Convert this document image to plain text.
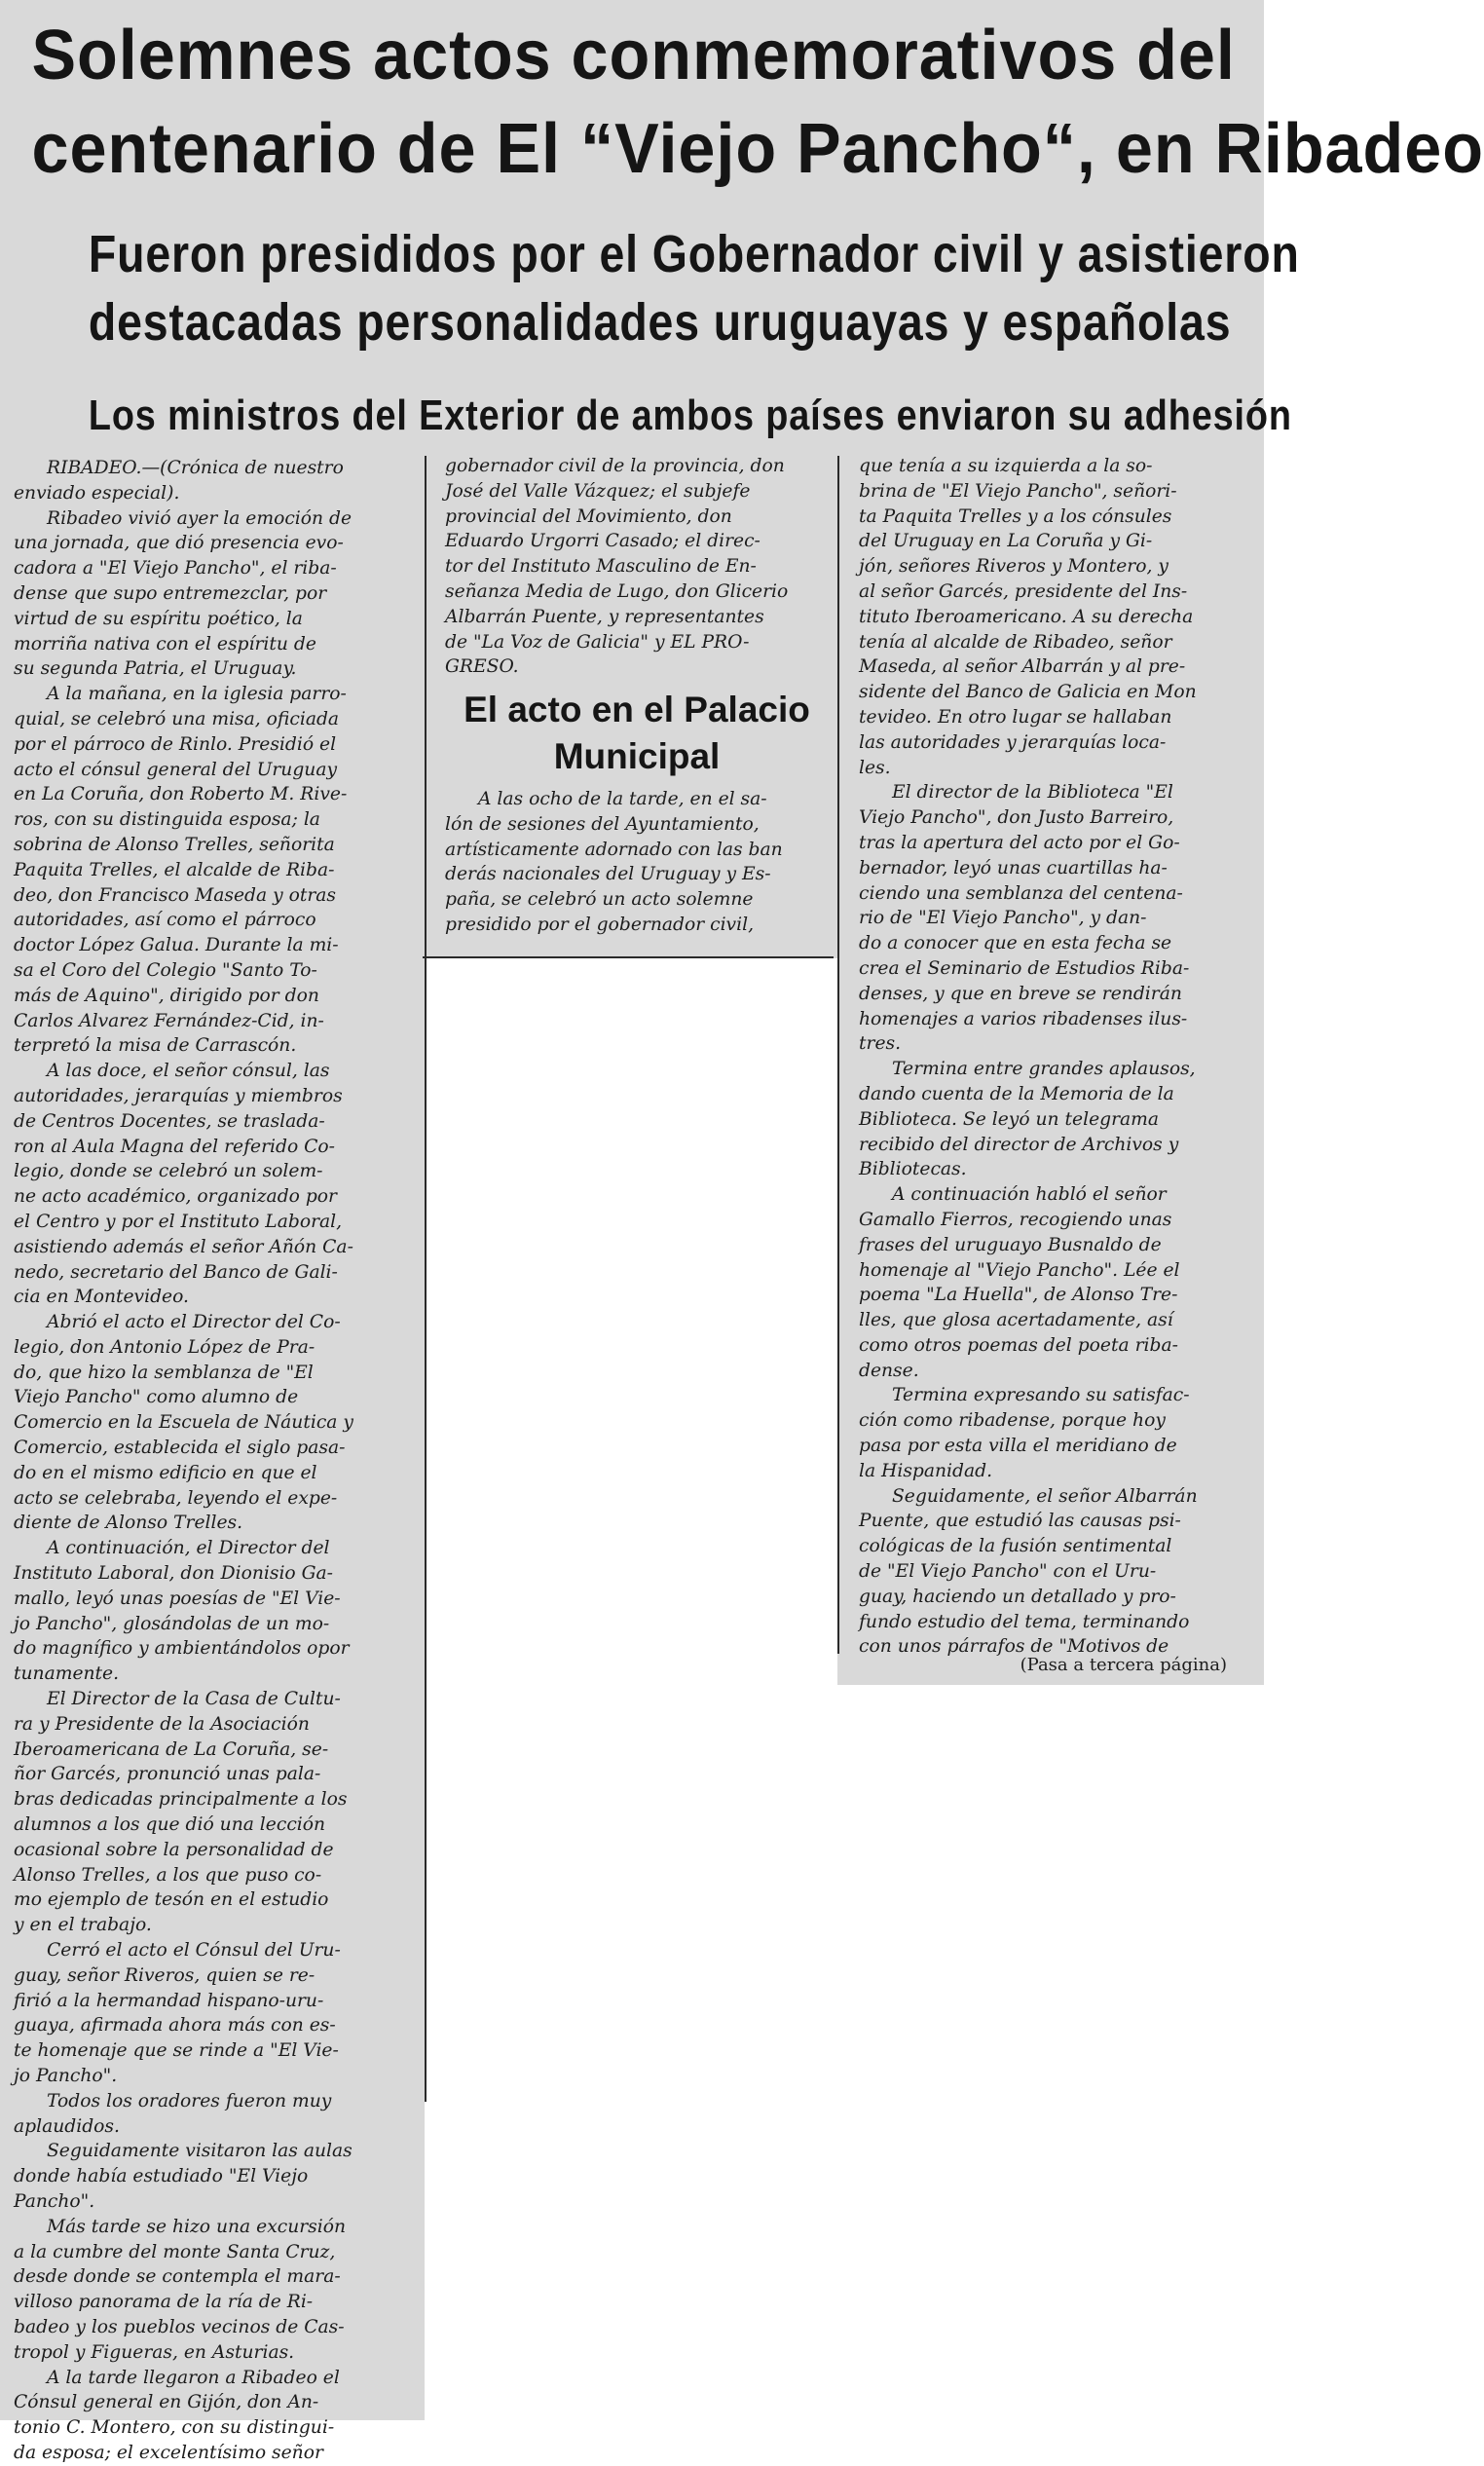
Solemnes actos conmemorativos del
centenario de El “Viejo Pancho“, en Ribadeo
Fueron presididos por el Gobernador civil y asistieron
destacadas personalidades uruguayas y españolas
Los ministros del Exterior de ambos países enviaron su adhesión
RIBADEO.—(Crónica de nuestro
enviado especial).
Ribadeo vivió ayer la emoción de
una jornada, que dió presencia evo-
cadora a "El Viejo Pancho", el riba-
dense que supo entremezclar, por
virtud de su espíritu poético, la
morriña nativa con el espíritu de
su segunda Patria, el Uruguay.
A la mañana, en la iglesia parro-
quial, se celebró una misa, oficiada
por el párroco de Rinlo. Presidió el
acto el cónsul general del Uruguay
en La Coruña, don Roberto M. Rive-
ros, con su distinguida esposa; la
sobrina de Alonso Trelles, señorita
Paquita Trelles, el alcalde de Riba-
deo, don Francisco Maseda y otras
autoridades, así como el párroco
doctor López Galua. Durante la mi-
sa el Coro del Colegio "Santo To-
más de Aquino", dirigido por don
Carlos Alvarez Fernández-Cid, in-
terpretó la misa de Carrascón.
A las doce, el señor cónsul, las
autoridades, jerarquías y miembros
de Centros Docentes, se traslada-
ron al Aula Magna del referido Co-
legio, donde se celebró un solem-
ne acto académico, organizado por
el Centro y por el Instituto Laboral,
asistiendo además el señor Añón Ca-
nedo, secretario del Banco de Gali-
cia en Montevideo.
Abrió el acto el Director del Co-
legio, don Antonio López de Pra-
do, que hizo la semblanza de "El
Viejo Pancho" como alumno de
Comercio en la Escuela de Náutica y
Comercio, establecida el siglo pasa-
do en el mismo edificio en que el
acto se celebraba, leyendo el expe-
diente de Alonso Trelles.
A continuación, el Director del
Instituto Laboral, don Dionisio Ga-
mallo, leyó unas poesías de "El Vie-
jo Pancho", glosándolas de un mo-
do magnífico y ambientándolos opor
tunamente.
El Director de la Casa de Cultu-
ra y Presidente de la Asociación
Iberoamericana de La Coruña, se-
ñor Garcés, pronunció unas pala-
bras dedicadas principalmente a los
alumnos a los que dió una lección
ocasional sobre la personalidad de
Alonso Trelles, a los que puso co-
mo ejemplo de tesón en el estudio
y en el trabajo.
Cerró el acto el Cónsul del Uru-
guay, señor Riveros, quien se re-
firió a la hermandad hispano-uru-
guaya, afirmada ahora más con es-
te homenaje que se rinde a "El Vie-
jo Pancho".
Todos los oradores fueron muy
aplaudidos.
Seguidamente visitaron las aulas
donde había estudiado "El Viejo
Pancho".
Más tarde se hizo una excursión
a la cumbre del monte Santa Cruz,
desde donde se contempla el mara-
villoso panorama de la ría de Ri-
badeo y los pueblos vecinos de Cas-
tropol y Figueras, en Asturias.
A la tarde llegaron a Ribadeo el
Cónsul general en Gijón, don An-
tonio C. Montero, con su distingui-
da esposa; el excelentísimo señor
gobernador civil de la provincia, don
José del Valle Vázquez; el subjefe
provincial del Movimiento, don
Eduardo Urgorri Casado; el direc-
tor del Instituto Masculino de En-
señanza Media de Lugo, don Glicerio
Albarrán Puente, y representantes
de "La Voz de Galicia" y EL PRO-
GRESO.
El acto en el Palacio Municipal
A las ocho de la tarde, en el sa-
lón de sesiones del Ayuntamiento,
artísticamente adornado con las ban
derás nacionales del Uruguay y Es-
paña, se celebró un acto solemne
presidido por el gobernador civil,
que tenía a su izquierda a la so-
brina de "El Viejo Pancho", señori-
ta Paquita Trelles y a los cónsules
del Uruguay en La Coruña y Gi-
jón, señores Riveros y Montero, y
al señor Garcés, presidente del Ins-
tituto Iberoamericano. A su derecha
tenía al alcalde de Ribadeo, señor
Maseda, al señor Albarrán y al pre-
sidente del Banco de Galicia en Mon
tevideo. En otro lugar se hallaban
las autoridades y jerarquías loca-
les.
El director de la Biblioteca "El
Viejo Pancho", don Justo Barreiro,
tras la apertura del acto por el Go-
bernador, leyó unas cuartillas ha-
ciendo una semblanza del centena-
rio de "El Viejo Pancho", y dan-
do a conocer que en esta fecha se
crea el Seminario de Estudios Riba-
denses, y que en breve se rendirán
homenajes a varios ribadenses ilus-
tres.
Termina entre grandes aplausos,
dando cuenta de la Memoria de la
Biblioteca. Se leyó un telegrama
recibido del director de Archivos y
Bibliotecas.
A continuación habló el señor
Gamallo Fierros, recogiendo unas
frases del uruguayo Busnaldo de
homenaje al "Viejo Pancho". Lée el
poema "La Huella", de Alonso Tre-
lles, que glosa acertadamente, así
como otros poemas del poeta riba-
dense.
Termina expresando su satisfac-
ción como ribadense, porque hoy
pasa por esta villa el meridiano de
la Hispanidad.
Seguidamente, el señor Albarrán
Puente, que estudió las causas psi-
cológicas de la fusión sentimental
de "El Viejo Pancho" con el Uru-
guay, haciendo un detallado y pro-
fundo estudio del tema, terminando
con unos párrafos de "Motivos de
(Pasa a tercera página)
